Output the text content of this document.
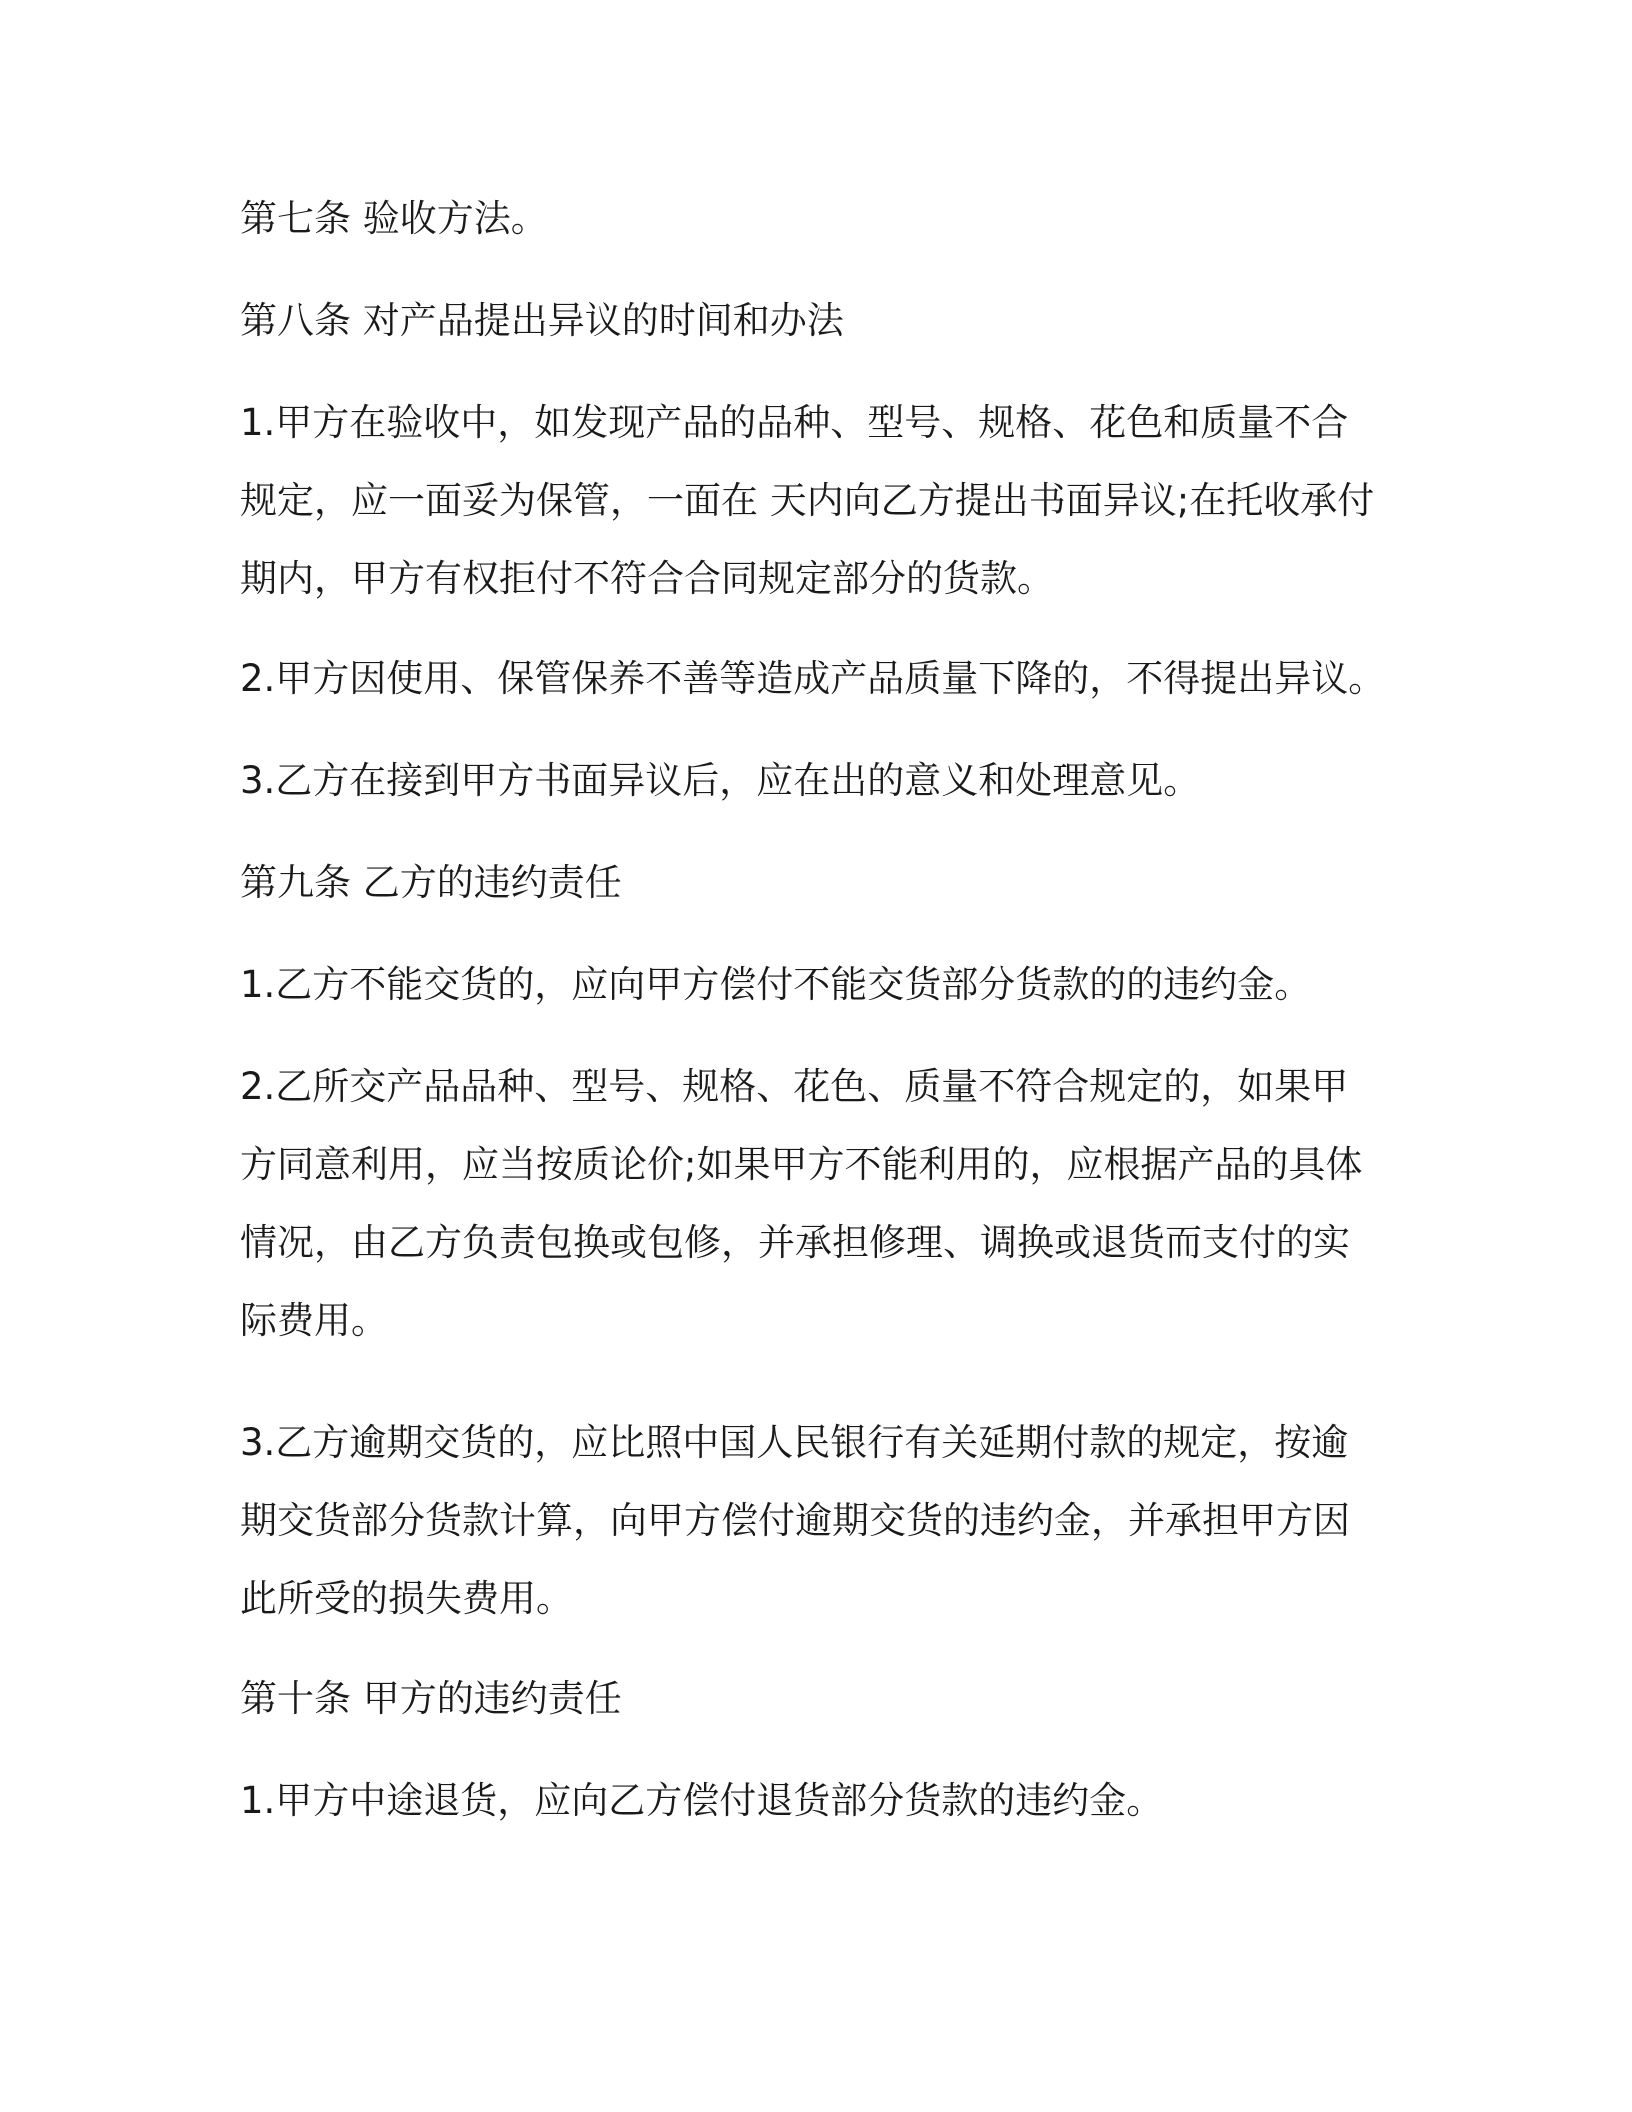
第七条 验收方法。

第八条 对产品提出异议的时间和办法

1.甲方在验收中，如发现产品的品种、型号、规格、花色和质量不合
规定，应一面妥为保管，一面在 天内向乙方提出书面异议;在托收承付
期内，甲方有权拒付不符合合同规定部分的货款。

2.甲方因使用、保管保养不善等造成产品质量下降的，不得提出异议。

3.乙方在接到甲方书面异议后，应在出的意义和处理意见。

第九条 乙方的违约责任

1.乙方不能交货的，应向甲方偿付不能交货部分货款的的违约金。

2.乙所交产品品种、型号、规格、花色、质量不符合规定的，如果甲
方同意利用，应当按质论价;如果甲方不能利用的，应根据产品的具体
情况，由乙方负责包换或包修，并承担修理、调换或退货而支付的实
际费用。

3.乙方逾期交货的，应比照中国人民银行有关延期付款的规定，按逾
期交货部分货款计算，向甲方偿付逾期交货的违约金，并承担甲方因
此所受的损失费用。

第十条 甲方的违约责任

1.甲方中途退货，应向乙方偿付退货部分货款的违约金。
